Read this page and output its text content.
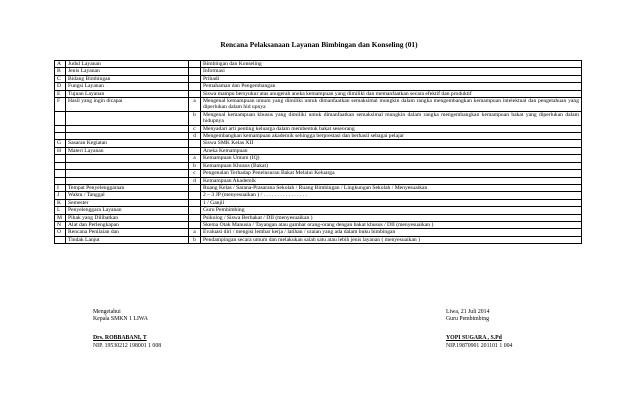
Rencana Pelaksanaan Layanan Bimbingan dan Konseling (01)
A	Judul Layanan		Bimbingan dan Konseling
B	Jenis Layanan		Informasi
C	Bidang Bimbingan		Pribadi
D	Fungsi Layanan		Pemahaman dan Pengembangan
E	Tujuan Layanan		Siswa mampu bersyukur atas anugerah aneka kemampuan yang dimiliki dan memanfaatkan secara efektif dan produktif
F	Hasil yang ingin dicapai	a	Mengenal kemampuan umum yang dimiliki untuk dimanfaatkan semaksimal mungkin dalam rangka mengembangkan kemampuan intelektual dan pengetahuan yang diperlukan dalam hid upnya
		b	Mengenal kemampuan khusus yang dimiliki untuk dimanfaatkan semaksimal mungkin dalam rangka mengembangkan kemampuan bakat yang diperlukan dalam hidupnya
		c	Menyadari arti penting keluarga dalam membentuk bakat seseorang
		d	Mengembangkan kemampuan akademik sehingga berprestasi dan berhasil sebagai pelajar
G	Sasaran Kegiatan		Siswa SMK Kelas XII
H	Materi Layanan		Aneka Kemampuan
		a	Kemampuan Umum (IQ)
		b	Kemampuan Khusus (Bakat)
		c	Pengenalan Terhadap Penelusuran Bakat Melalui Keluarga
		d	Kemampuan Akademik
I	Tempat Penyelenggaraan		Ruang Kelas / Sarana-Prasarana Sekolah / Ruang Bimbingan / Lingkungan Sekolah / Menyesuaikan
J	Waktu / Tanggal		2 – 3 JP (menyesuaikan ) / . . . . . . . . . . . . . . . .
K	Semester		1 / Ganjil
L	Penyelenggara Layanan		Guru Pembimbing
M	Pihak yang Dilibatkan		Psikolog / Siswa Berbakat / DII (menyesuaikan )
N	Alat dan Perlengkapan		Skema Otak Manusia / Tayangan atau gambar orang-orang dengan bakat khusus / DII (menyesuaikan )
O	Rencana Penilaian dan	a	Evaluasi diri / mengisi lembar kerja / latihan / uraian yang ada dalam buku bimbingan
	Tindak Lanjut	b	Pendampingan secara umum dan melakukan salah satu atau lebih jenis layanan ( menyesuaikan )
Mengetahui
Kepala SMKN 1 LIWA
Drs. ROBBABANI, T
NIP. 19530212 198001 1 008
Liwa, 21 Juli 2014
Guru Pembimbing
YOPI SUGARA , S.Pd
NIP.19870901 201101 1 004
